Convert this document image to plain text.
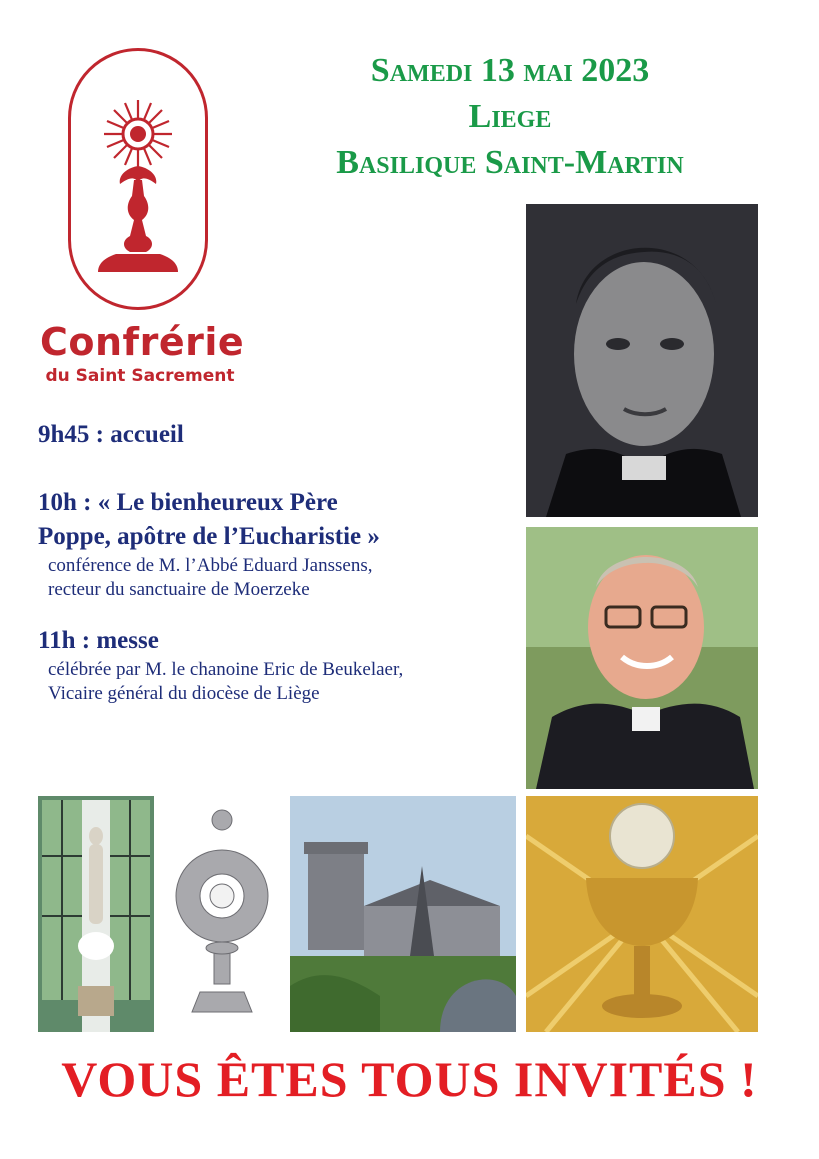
Confrérie
du Saint Sacrement
Samedi 13 mai 2023
Liege
Basilique Saint-Martin
9h45 : accueil
10h : « Le bienheureux Père
Poppe, apôtre de l’Eucharistie »
conférence de M. l’Abbé Eduard Janssens,
recteur du sanctuaire de Moerzeke
11h : messe
célébrée par M. le chanoine Eric de Beukelaer,
Vicaire général du diocèse de Liège
VOUS ÊTES TOUS INVITÉS !
